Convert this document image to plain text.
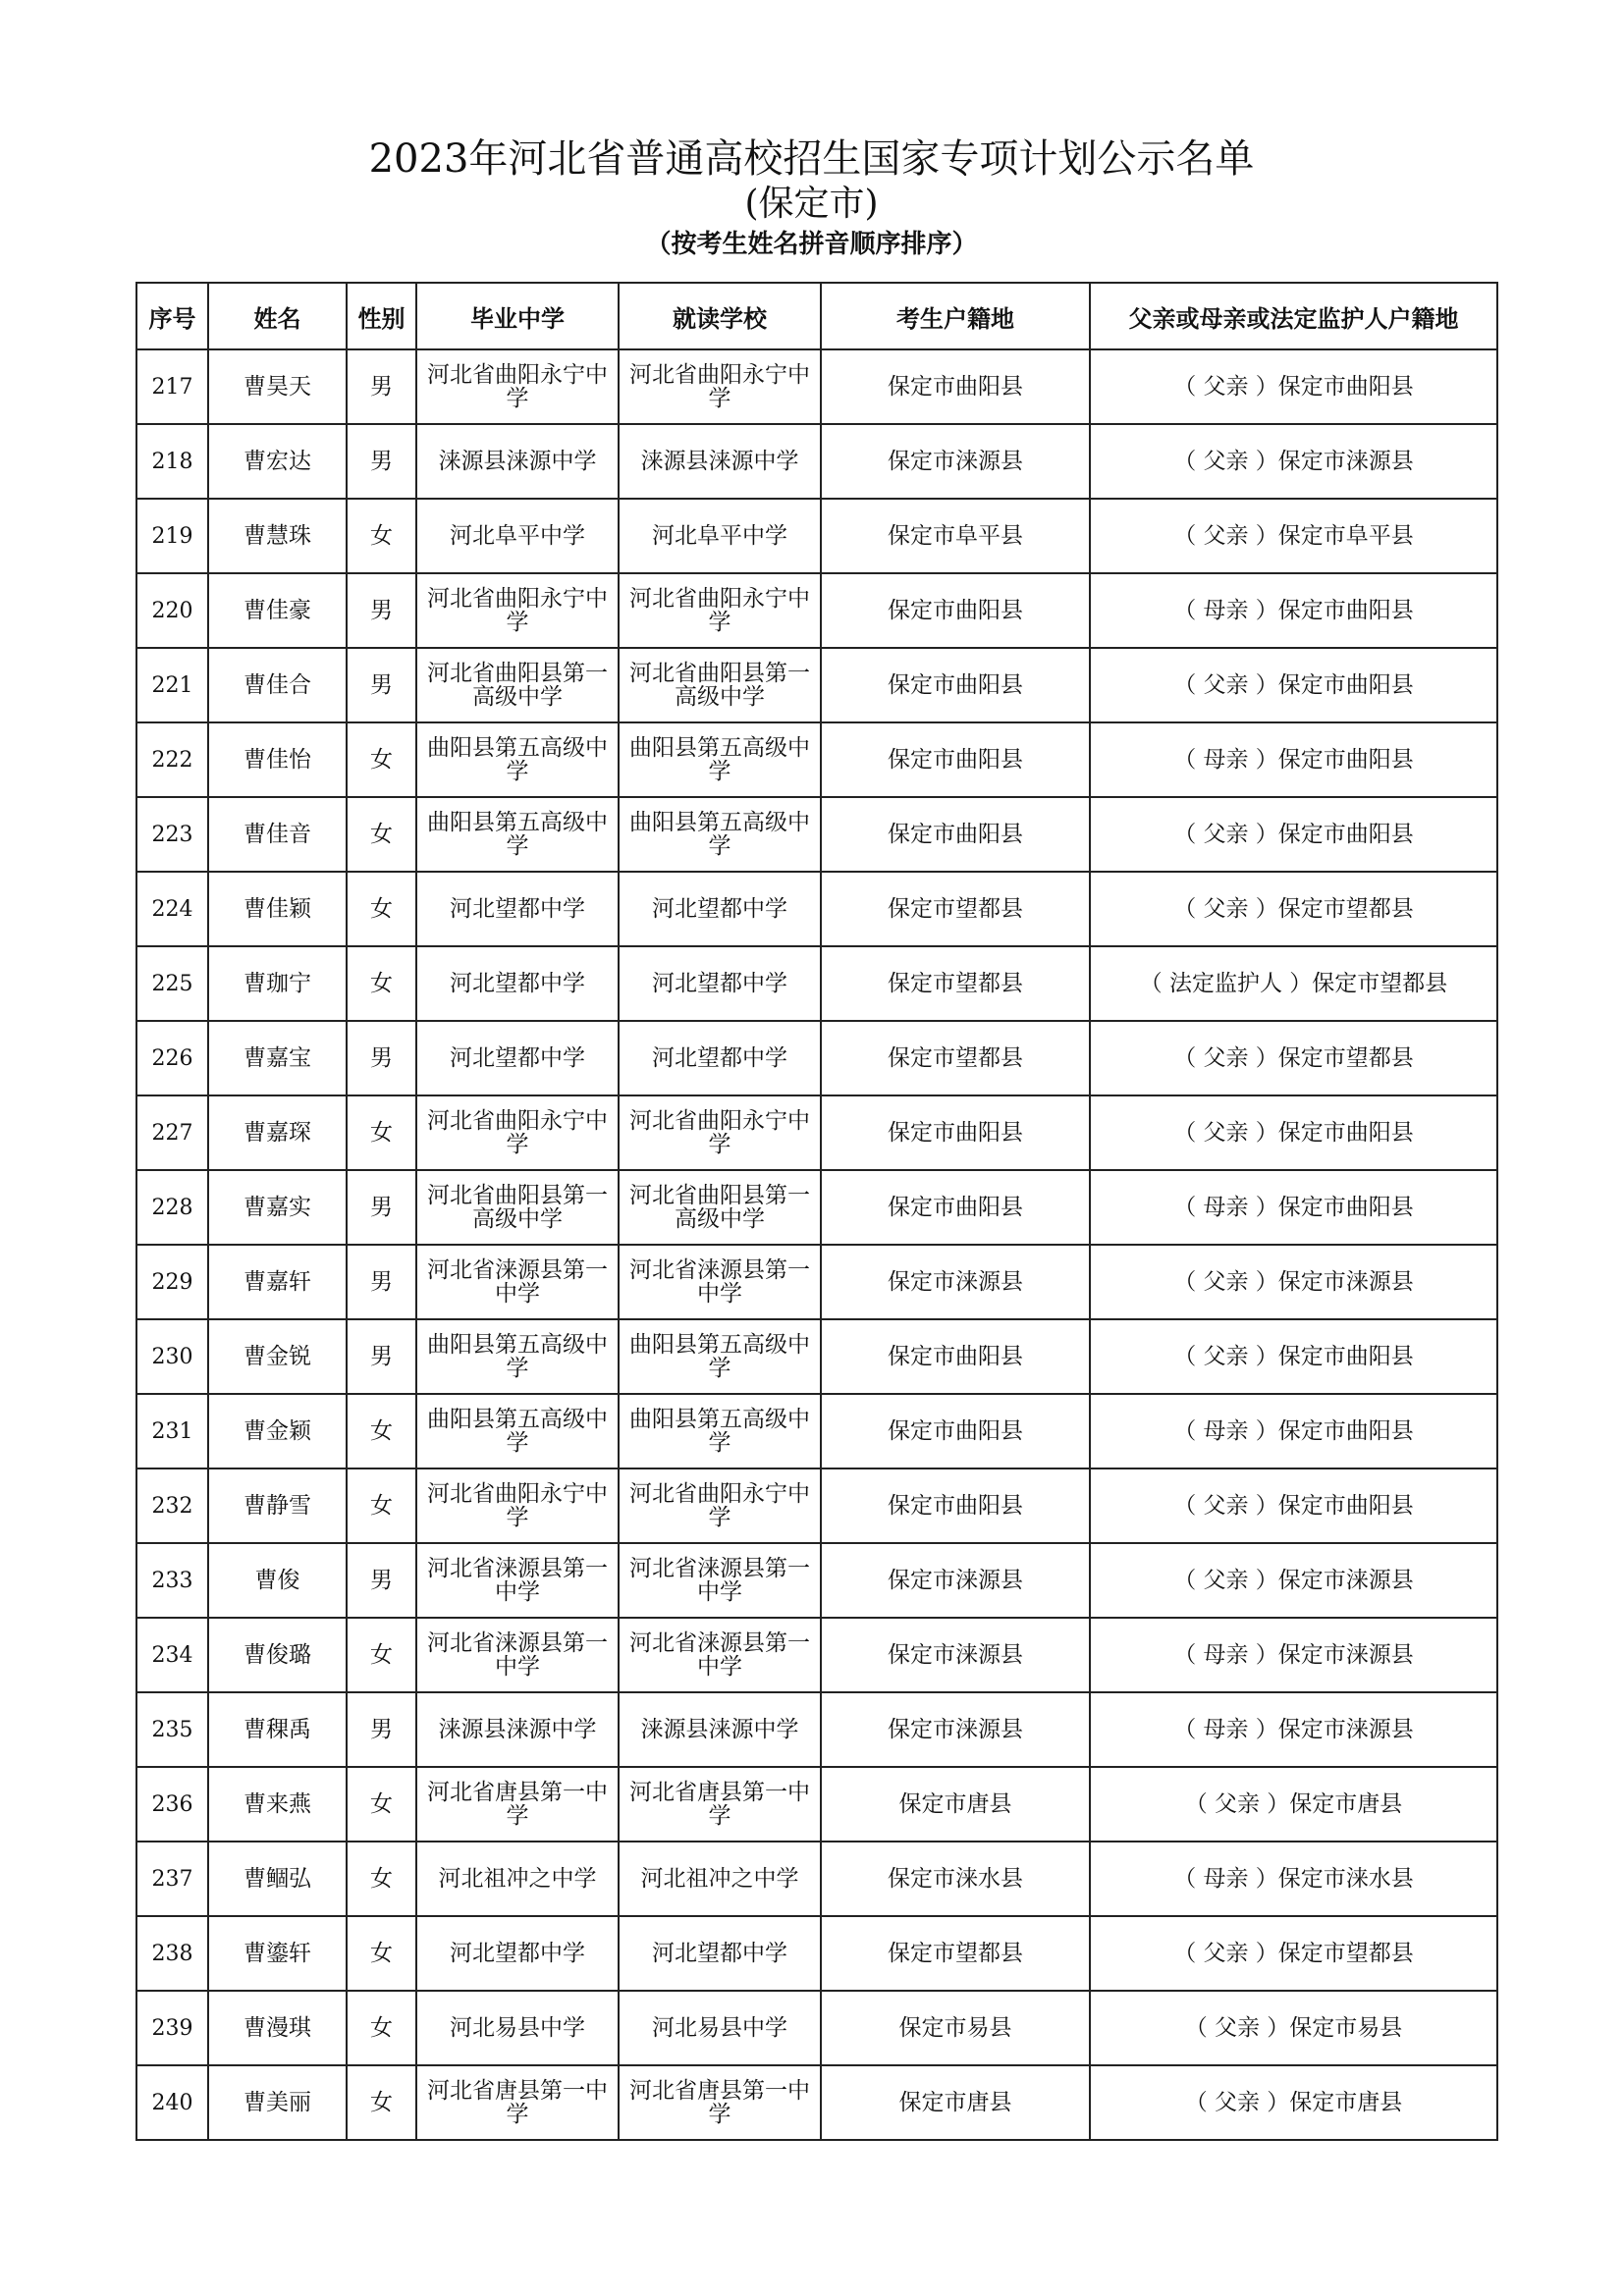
2023年河北省普通高校招生国家专项计划公示名单
(保定市)
（按考生姓名拼音顺序排序）
序号	姓名	性别	毕业中学	就读学校	考生户籍地	父亲或母亲或法定监护人户籍地
217	曹昊天	男	河北省曲阳永宁中学	河北省曲阳永宁中学	保定市曲阳县	（ 父亲 ）保定市曲阳县
218	曹宏达	男	涞源县涞源中学	涞源县涞源中学	保定市涞源县	（ 父亲 ）保定市涞源县
219	曹慧珠	女	河北阜平中学	河北阜平中学	保定市阜平县	（ 父亲 ）保定市阜平县
220	曹佳豪	男	河北省曲阳永宁中学	河北省曲阳永宁中学	保定市曲阳县	（ 母亲 ）保定市曲阳县
221	曹佳合	男	河北省曲阳县第一高级中学	河北省曲阳县第一高级中学	保定市曲阳县	（ 父亲 ）保定市曲阳县
222	曹佳怡	女	曲阳县第五高级中学	曲阳县第五高级中学	保定市曲阳县	（ 母亲 ）保定市曲阳县
223	曹佳音	女	曲阳县第五高级中学	曲阳县第五高级中学	保定市曲阳县	（ 父亲 ）保定市曲阳县
224	曹佳颖	女	河北望都中学	河北望都中学	保定市望都县	（ 父亲 ）保定市望都县
225	曹珈宁	女	河北望都中学	河北望都中学	保定市望都县	（ 法定监护人 ）保定市望都县
226	曹嘉宝	男	河北望都中学	河北望都中学	保定市望都县	（ 父亲 ）保定市望都县
227	曹嘉琛	女	河北省曲阳永宁中学	河北省曲阳永宁中学	保定市曲阳县	（ 父亲 ）保定市曲阳县
228	曹嘉实	男	河北省曲阳县第一高级中学	河北省曲阳县第一高级中学	保定市曲阳县	（ 母亲 ）保定市曲阳县
229	曹嘉轩	男	河北省涞源县第一中学	河北省涞源县第一中学	保定市涞源县	（ 父亲 ）保定市涞源县
230	曹金锐	男	曲阳县第五高级中学	曲阳县第五高级中学	保定市曲阳县	（ 父亲 ）保定市曲阳县
231	曹金颖	女	曲阳县第五高级中学	曲阳县第五高级中学	保定市曲阳县	（ 母亲 ）保定市曲阳县
232	曹静雪	女	河北省曲阳永宁中学	河北省曲阳永宁中学	保定市曲阳县	（ 父亲 ）保定市曲阳县
233	曹俊	男	河北省涞源县第一中学	河北省涞源县第一中学	保定市涞源县	（ 父亲 ）保定市涞源县
234	曹俊璐	女	河北省涞源县第一中学	河北省涞源县第一中学	保定市涞源县	（ 母亲 ）保定市涞源县
235	曹稞禹	男	涞源县涞源中学	涞源县涞源中学	保定市涞源县	（ 母亲 ）保定市涞源县
236	曹来燕	女	河北省唐县第一中学	河北省唐县第一中学	保定市唐县	（ 父亲 ）保定市唐县
237	曹鲴弘	女	河北祖冲之中学	河北祖冲之中学	保定市涞水县	（ 母亲 ）保定市涞水县
238	曹鎏轩	女	河北望都中学	河北望都中学	保定市望都县	（ 父亲 ）保定市望都县
239	曹漫琪	女	河北易县中学	河北易县中学	保定市易县	（ 父亲 ）保定市易县
240	曹美丽	女	河北省唐县第一中学	河北省唐县第一中学	保定市唐县	（ 父亲 ）保定市唐县
